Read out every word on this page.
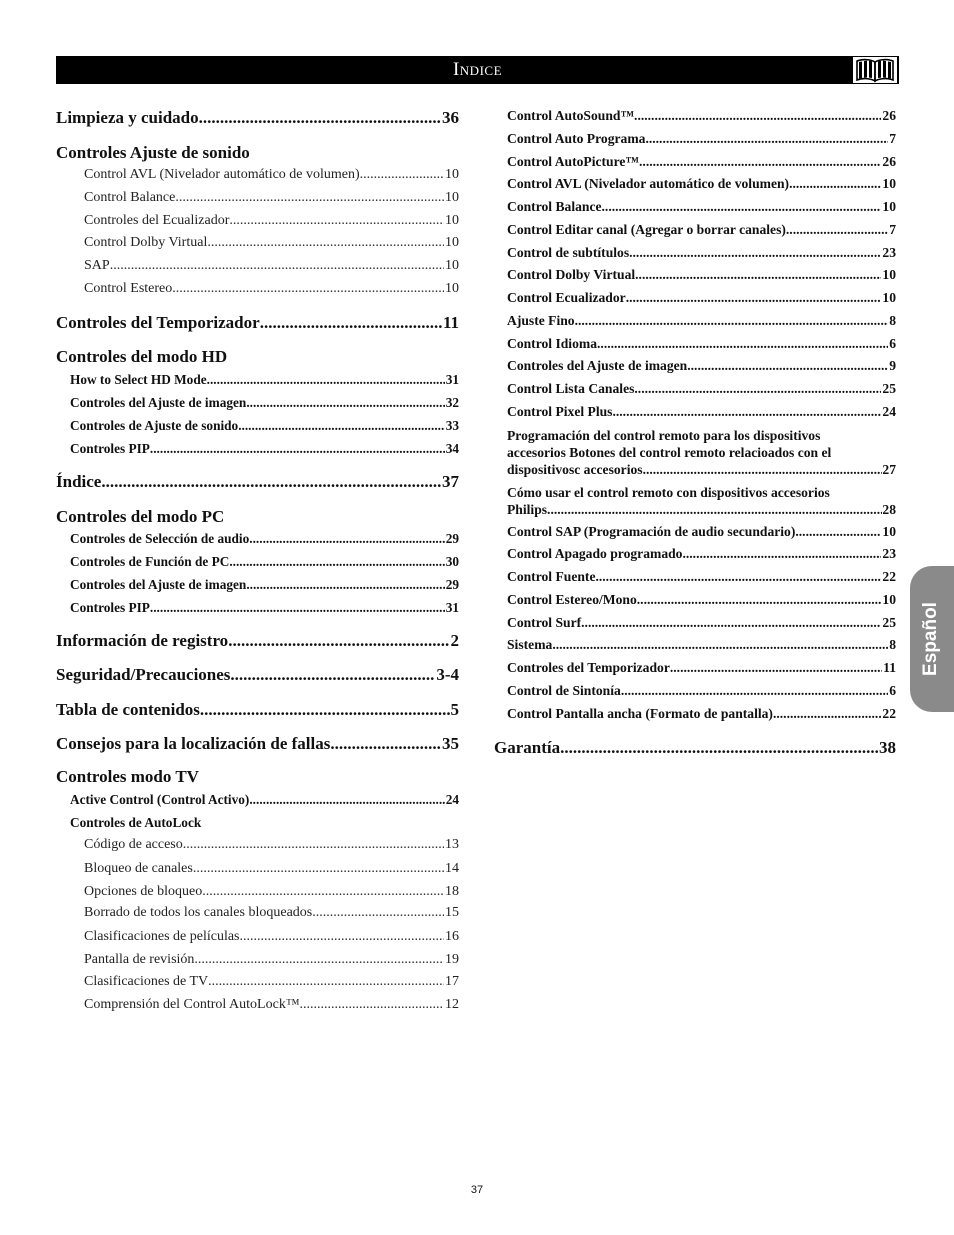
Indice
Limpieza y cuidado .....	36
Controles Ajuste de sonido
Control AVL (Nivelador automático de volumen) .....	10
Control Balance .....	10
Controles del Ecualizador .....	10
Control Dolby Virtual .....	10
SAP .....	10
Control Estereo .....	10
Controles del Temporizador .....	11
Controles del modo HD
How to Select HD Mode .....	31
Controles del Ajuste de imagen .....	32
Controles de Ajuste de sonido .....	33
Controles PIP .....	34
Índice .....	37
Controles del modo PC
Controles de Selección de audio .....	29
Controles de Función de PC .....	30
Controles del Ajuste de imagen .....	29
Controles PIP .....	31
Información de registro .....	2
Seguridad/Precauciones .....	3-4
Tabla de contenidos .....	5
Consejos para la localización de fallas .....	35
Controles modo TV
Active Control (Control Activo) .....	24
Controles de AutoLock
Código de acceso .....	13
Bloqueo de canales .....	14
Opciones de bloqueo .....	18
Borrado de todos los canales bloqueados .....	15
Clasificaciones de películas .....	16
Pantalla de revisión .....	19
Clasificaciones de TV .....	17
Comprensión del Control AutoLock™ .....	12
Control AutoSound™ .....	26
Control Auto Programa .....	7
Control AutoPicture™ .....	26
Control AVL (Nivelador automático de volumen) .....	10
Control Balance .....	10
Control Editar canal (Agregar o borrar canales) .....	7
Control de subtítulos .....	23
Control Dolby Virtual .....	10
Control Ecualizador .....	10
Ajuste Fino .....	8
Control Idioma .....	6
Controles del Ajuste de imagen .....	9
Control Lista Canales .....	25
Control Pixel Plus .....	24
Programación del control remoto para los dispositivos
accesorios Botones del control remoto relacioados con el
dispositivosc accesorios .....	27
Cómo usar el control remoto con dispositivos accesorios
Philips .....	28
Control SAP (Programación de audio secundario) .....	10
Control Apagado programado .....	23
Control Fuente .....	22
Control Estereo/Mono .....	10
Control Surf .....	25
Sistema .....	8
Controles del Temporizador .....	11
Control de Sintonía .....	6
Control Pantalla ancha (Formato de pantalla) .....	22
Garantía .....	38
Español
37
